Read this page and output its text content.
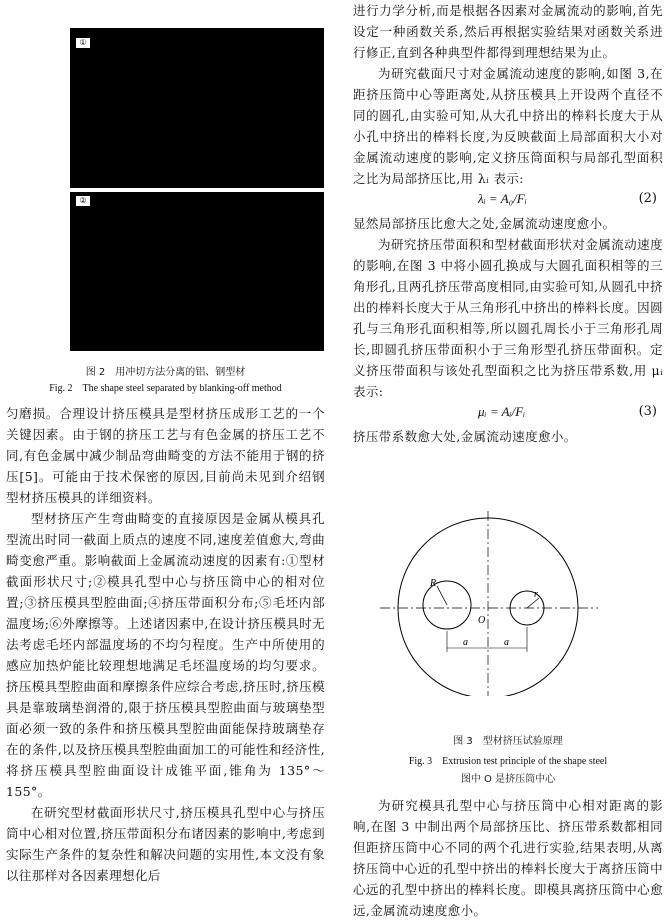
①
②
图 2　用冲切方法分离的铝、钢型材
Fig. 2　The shape steel separated by blanking-off method

匀磨损。合理设计挤压模具是型材挤压成形工艺的一个关键因素。由于钢的挤压工艺与有色金属的挤压工艺不同,有色金属中减少制品弯曲畸变的方法不能用于钢的挤压[5]。可能由于技术保密的原因,目前尚未见到介绍钢型材挤压模具的详细资料。

型材挤压产生弯曲畸变的直接原因是金属从模具孔型流出时同一截面上质点的速度不同,速度差值愈大,弯曲畸变愈严重。影响截面上金属流动速度的因素有:①型材截面形状尺寸;②模具孔型中心与挤压筒中心的相对位置;③挤压模具型腔曲面;④挤压带面积分布;⑤毛坯内部温度场;⑥外摩擦等。上述诸因素中,在设计挤压模具时无法考虑毛坯内部温度场的不均匀程度。生产中所使用的感应加热炉能比较理想地满足毛坯温度场的均匀要求。挤压模具型腔曲面和摩擦条件应综合考虑,挤压时,挤压模具是靠玻璃垫润滑的,限于挤压模具型腔曲面与玻璃垫型面必须一致的条件和挤压模具型腔曲面能保持玻璃垫存在的条件,以及挤压模具型腔曲面加工的可能性和经济性,将挤压模具型腔曲面设计成锥平面,锥角为 135°～155°。

在研究型材截面形状尺寸,挤压模具孔型中心与挤压筒中心相对位置,挤压带面积分布诸因素的影响中,考虑到实际生产条件的复杂性和解决问题的实用性,本文没有象以往那样对各因素理想化后

进行力学分析,而是根据各因素对金属流动的影响,首先设定一种函数关系,然后再根据实验结果对函数关系进行修正,直到各种典型件都得到理想结果为止。

为研究截面尺寸对金属流动速度的影响,如图 3,在距挤压筒中心等距离处,从挤压模具上开设两个直径不同的圆孔,由实验可知,从大孔中挤出的棒料长度大于从小孔中挤出的棒料长度,为反映截面上局部面积大小对金属流动速度的影响,定义挤压筒面积与局部孔型面积之比为局部挤压比,用 λᵢ 表示:

λᵢ = A₀/Fᵢ	(2)

显然局部挤压比愈大之处,金属流动速度愈小。

为研究挤压带面积和型材截面形状对金属流动速度的影响,在图 3 中将小圆孔换成与大圆孔面积相等的三角形孔,且两孔挤压带高度相同,由实验可知,从圆孔中挤出的棒料长度大于从三角形孔中挤出的棒料长度。因圆孔与三角形孔面积相等,所以圆孔周长小于三角形孔周长,即圆孔挤压带面积小于三角形型孔挤压带面积。定义挤压带面积与该处孔型面积之比为挤压带系数,用 μᵢ 表示:

μᵢ = Aᵢ/Fᵢ	(3)

挤压带系数愈大处,金属流动速度愈小。

R
r
O
a	a
图 3　型材挤压试验原理
Fig. 3　Extrusion test principle of the shape steel
图中 O 是挤压筒中心

为研究模具孔型中心与挤压筒中心相对距离的影响,在图 3 中制出两个局部挤压比、挤压带系数都相同但距挤压筒中心不同的两个孔进行实验,结果表明,从离挤压筒中心近的孔型中挤出的棒料长度大于离挤压筒中心远的孔型中挤出的棒料长度。即模具离挤压筒中心愈远,金属流动速度愈小。
